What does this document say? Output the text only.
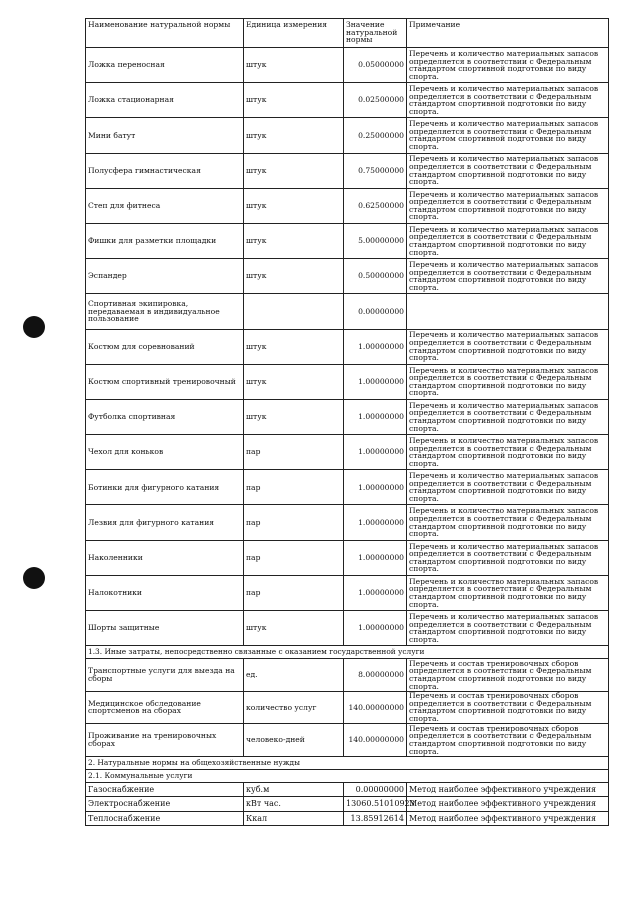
Наименование натуральной нормы	Единица измерения	Значение натуральной нормы	Примечание
Ложка переносная	штук	0.05000000	Перечень и количество материальных запасов определяется в соответствии с Федеральным стандартом спортивной подготовки по виду спорта.
Ложка стационарная	штук	0.02500000	Перечень и количество материальных запасов определяется в соответствии с Федеральным стандартом спортивной подготовки по виду спорта.
Мини батут	штук	0.25000000	Перечень и количество материальных запасов определяется в соответствии с Федеральным стандартом спортивной подготовки по виду спорта.
Полусфера гимнастическая	штук	0.75000000	Перечень и количество материальных запасов определяется в соответствии с Федеральным стандартом спортивной подготовки по виду спорта.
Степ для фитнеса	штук	0.62500000	Перечень и количество материальных запасов определяется в соответствии с Федеральным стандартом спортивной подготовки по виду спорта.
Фишки для разметки площадки	штук	5.00000000	Перечень и количество материальных запасов определяется в соответствии с Федеральным стандартом спортивной подготовки по виду спорта.
Эспандер	штук	0.50000000	Перечень и количество материальных запасов определяется в соответствии с Федеральным стандартом спортивной подготовки по виду спорта.
Спортивная экипировка, передаваемая в индивидуальное пользование		0.00000000	
Костюм для соревнований	штук	1.00000000	Перечень и количество материальных запасов определяется в соответствии с Федеральным стандартом спортивной подготовки по виду спорта.
Костюм спортивный тренировочный	штук	1.00000000	Перечень и количество материальных запасов определяется в соответствии с Федеральным стандартом спортивной подготовки по виду спорта.
Футболка спортивная	штук	1.00000000	Перечень и количество материальных запасов определяется в соответствии с Федеральным стандартом спортивной подготовки по виду спорта.
Чехол для коньков	пар	1.00000000	Перечень и количество материальных запасов определяется в соответствии с Федеральным стандартом спортивной подготовки по виду спорта.
Ботинки для фигурного катания	пар	1.00000000	Перечень и количество материальных запасов определяется в соответствии с Федеральным стандартом спортивной подготовки по виду спорта.
Лезвия для фигурного катания	пар	1.00000000	Перечень и количество материальных запасов определяется в соответствии с Федеральным стандартом спортивной подготовки по виду спорта.
Наколенники	пар	1.00000000	Перечень и количество материальных запасов определяется в соответствии с Федеральным стандартом спортивной подготовки по виду спорта.
Налокотники	пар	1.00000000	Перечень и количество материальных запасов определяется в соответствии с Федеральным стандартом спортивной подготовки по виду спорта.
Шорты защитные	штук	1.00000000	Перечень и количество материальных запасов определяется в соответствии с Федеральным стандартом спортивной подготовки по виду спорта.
1.3. Иные затраты, непосредственно связанные с оказанием государственной услуги			
Транспортные услуги для выезда на сборы	ед.	8.00000000	Перечень и состав тренировочных сборов определяется в соответствии с Федеральным стандартом спортивной подготовки по виду спорта.
Медицинское обследование спортсменов на сборах	количество услуг	140.00000000	Перечень и состав тренировочных сборов определяется в соответствии с Федеральным стандартом спортивной подготовки по виду спорта.
Проживание на тренировочных сборах	человеко-дней	140.00000000	Перечень и состав тренировочных сборов определяется в соответствии с Федеральным стандартом спортивной подготовки по виду спорта.
2. Натуральные нормы на общехозяйственные нужды			
2.1. Коммунальные услуги			
Газоснабжение	куб.м	0.00000000	Метод наиболее эффективного учреждения
Электроснабжение	кВт час.	13060.51010923	Метод наиболее эффективного учреждения
Теплоснабжение	Ккал	13.85912614	Метод наиболее эффективного учреждения
